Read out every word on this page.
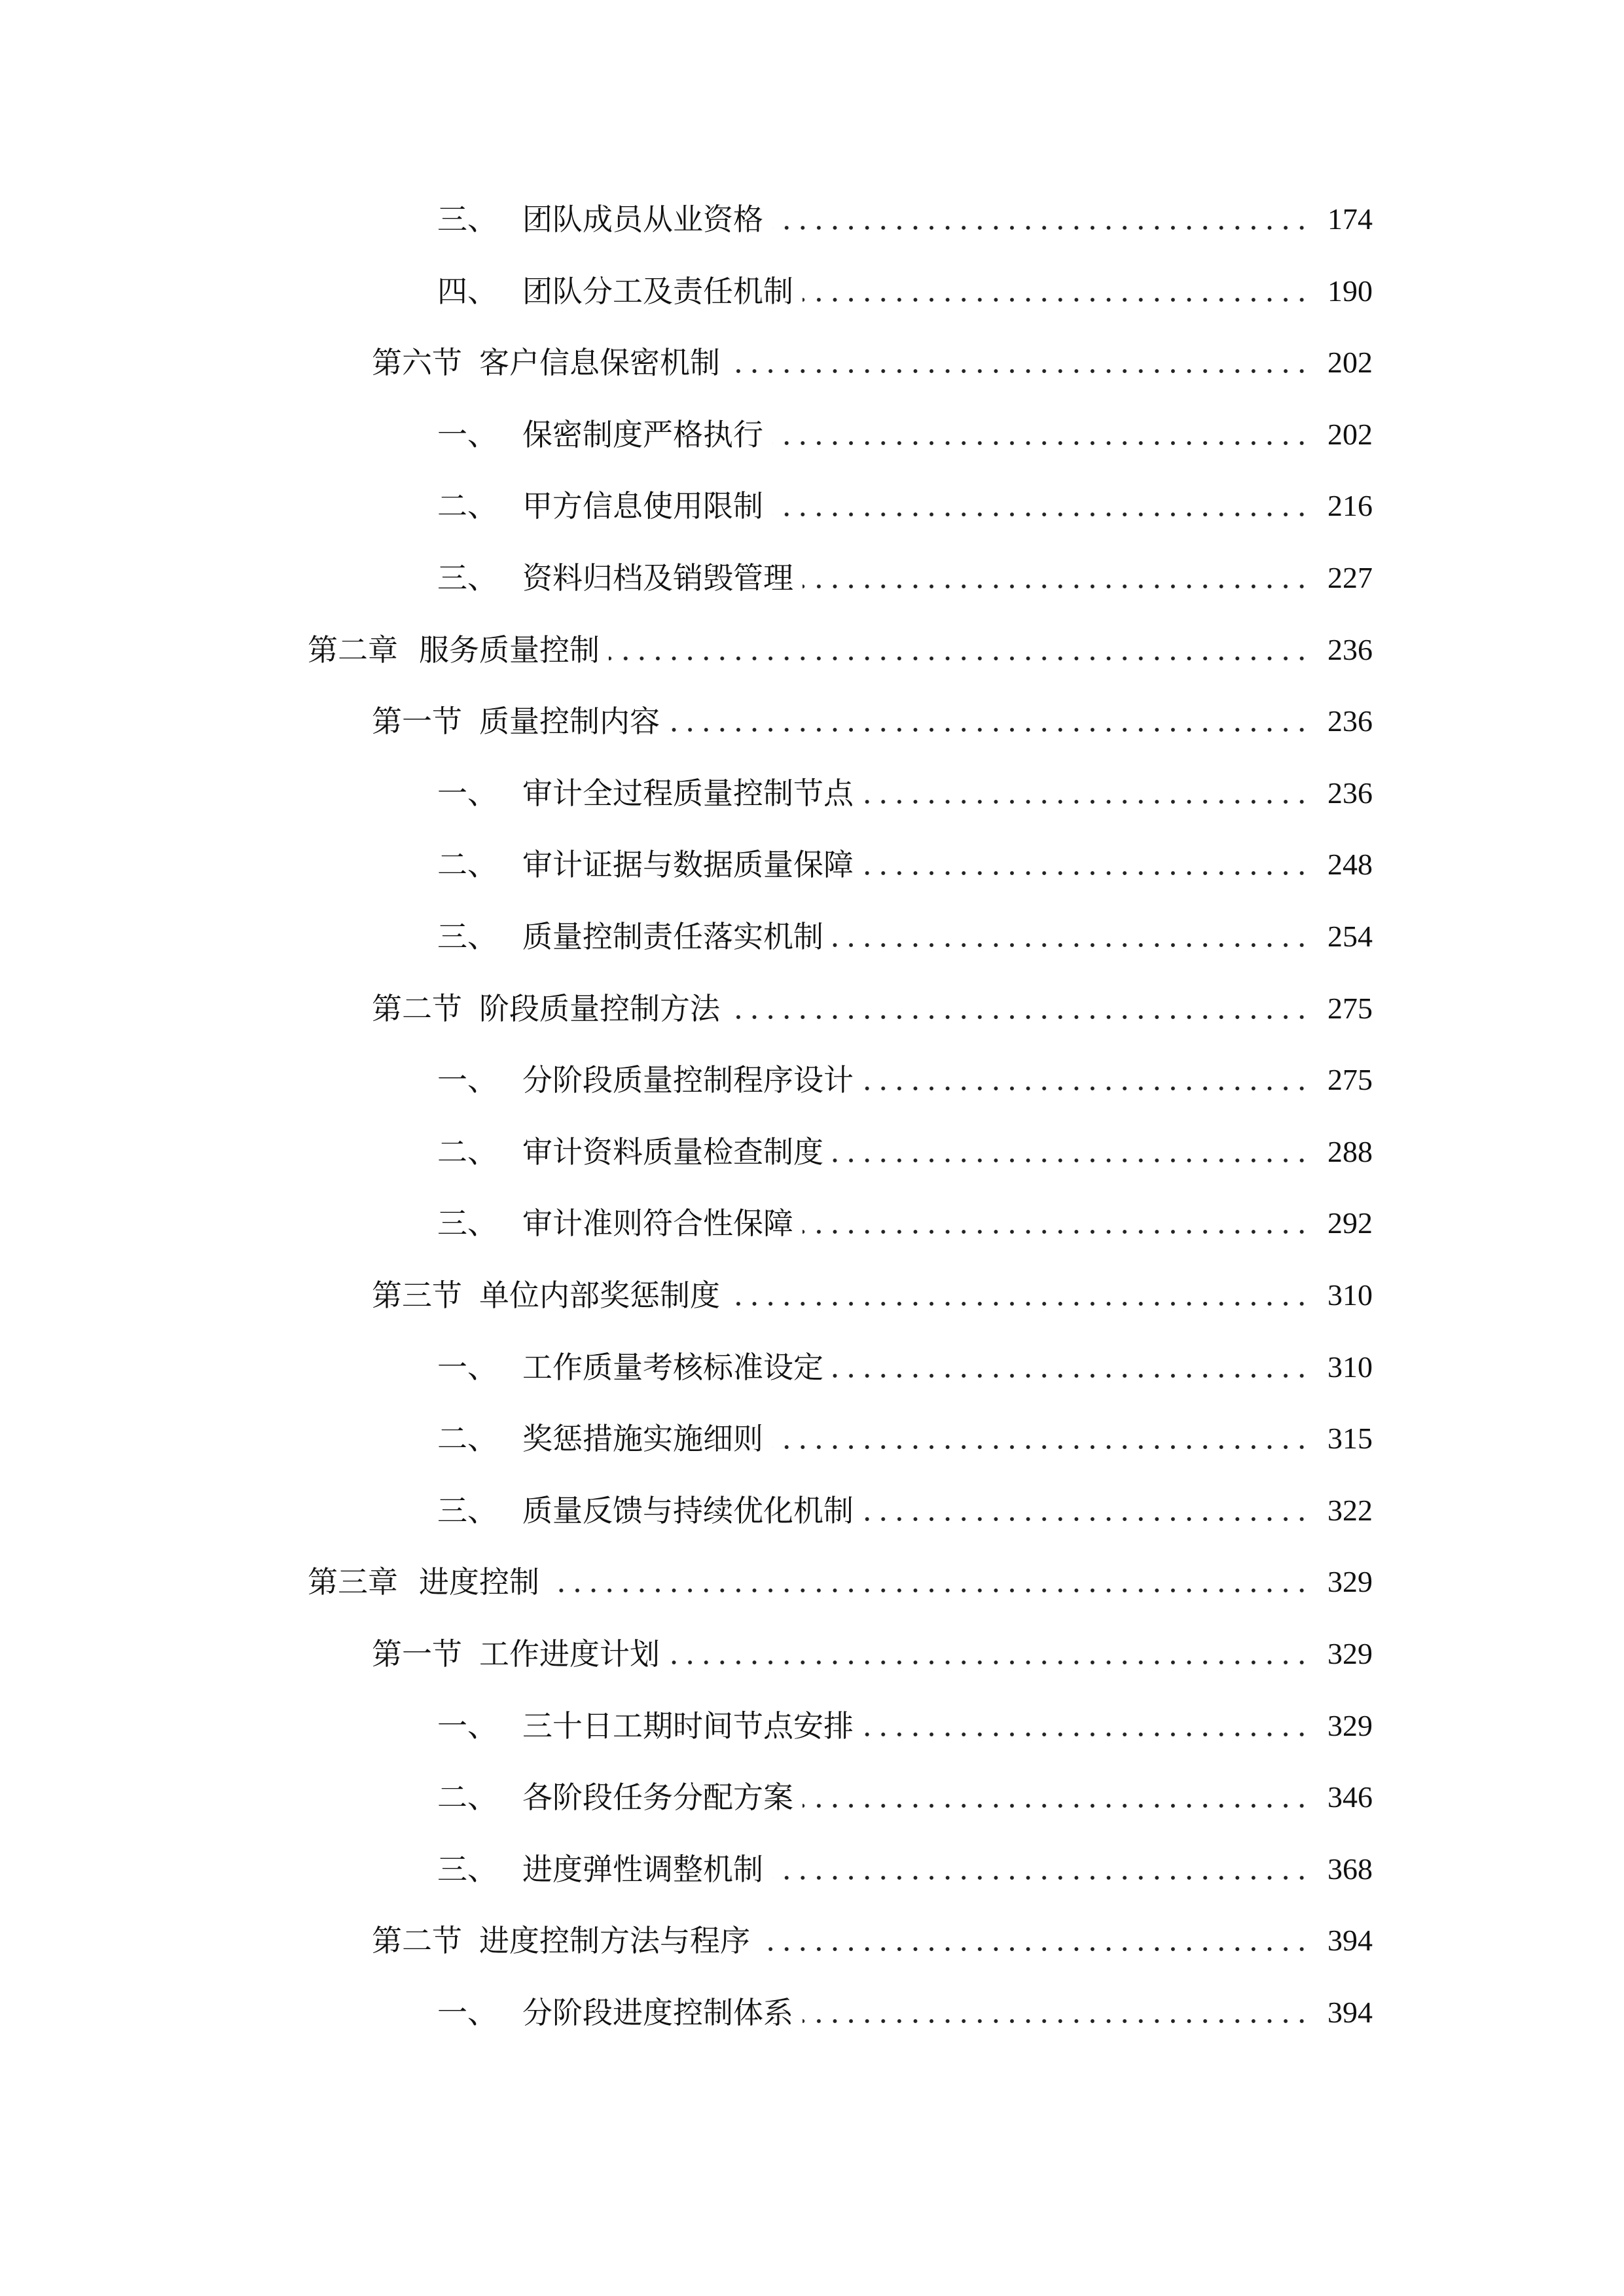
三、 团队成员从业资格	174
四、 团队分工及责任机制	190
第六节 客户信息保密机制	202
一、 保密制度严格执行	202
二、 甲方信息使用限制	216
三、 资料归档及销毁管理	227
第二章 服务质量控制	236
第一节 质量控制内容	236
一、 审计全过程质量控制节点	236
二、 审计证据与数据质量保障	248
三、 质量控制责任落实机制	254
第二节 阶段质量控制方法	275
一、 分阶段质量控制程序设计	275
二、 审计资料质量检查制度	288
三、 审计准则符合性保障	292
第三节 单位内部奖惩制度	310
一、 工作质量考核标准设定	310
二、 奖惩措施实施细则	315
三、 质量反馈与持续优化机制	322
第三章 进度控制	329
第一节 工作进度计划	329
一、 三十日工期时间节点安排	329
二、 各阶段任务分配方案	346
三、 进度弹性调整机制	368
第二节 进度控制方法与程序	394
一、 分阶段进度控制体系	394
